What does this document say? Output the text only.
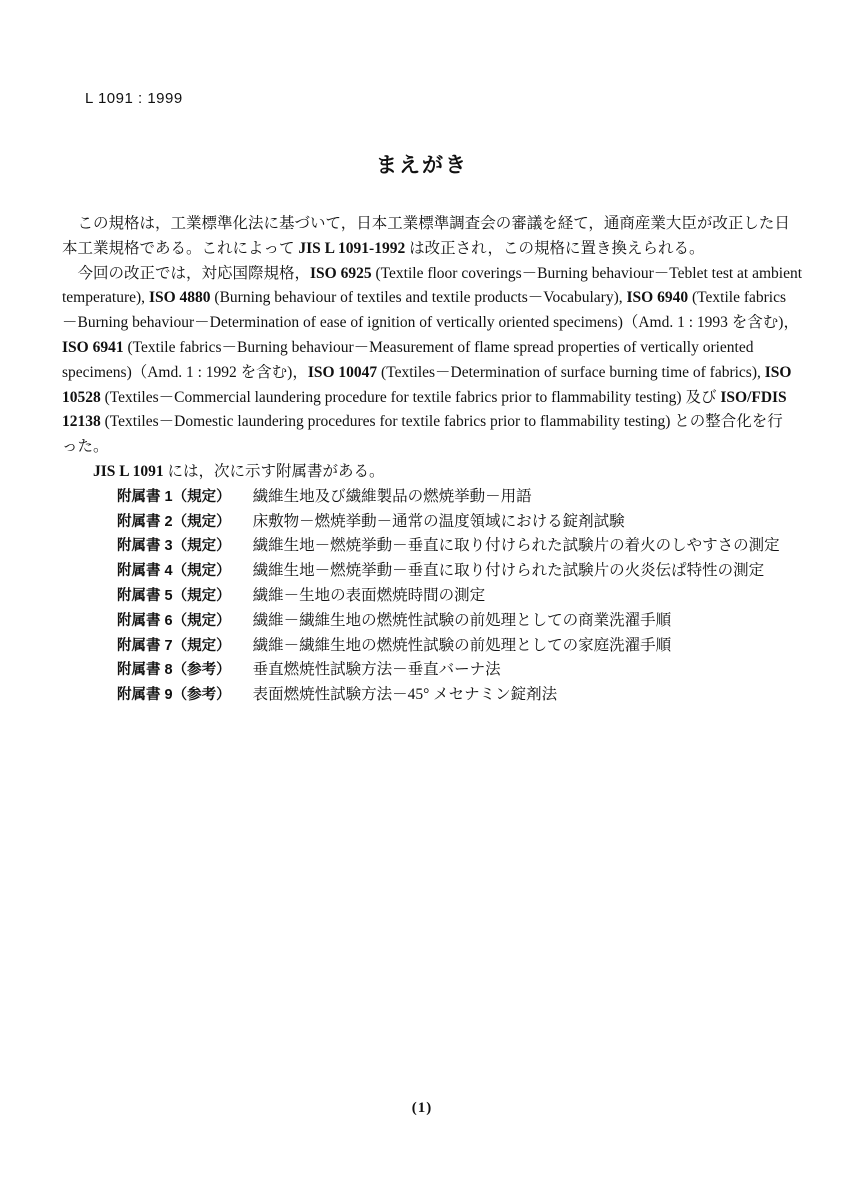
L 1091 : 1999
まえがき
　この規格は，工業標準化法に基づいて，日本工業標準調査会の審議を経て，通商産業大臣が改正した日
本工業規格である。これによって JIS L 1091-1992 は改正され，この規格に置き換えられる。
　今回の改正では，対応国際規格，ISO 6925 (Textile floor coverings－Burning behaviour－Teblet test at ambient
temperature), ISO 4880 (Burning behaviour of textiles and textile products－Vocabulary), ISO 6940 (Textile fabrics
－Burning behaviour－Determination of ease of ignition of vertically oriented specimens)（Amd. 1 : 1993 を含む)，
ISO 6941 (Textile fabrics－Burning behaviour－Measurement of flame spread properties of vertically oriented
specimens)（Amd. 1 : 1992 を含む)，ISO 10047 (Textiles－Determination of surface burning time of fabrics), ISO
10528 (Textiles－Commercial laundering procedure for textile fabrics prior to flammability testing) 及び ISO/FDIS
12138 (Textiles－Domestic laundering procedures for textile fabrics prior to flammability testing) との整合化を行
った。
　　JIS L 1091 には，次に示す附属書がある。
附属書 1（規定） 繊維生地及び繊維製品の燃焼挙動－用語
附属書 2（規定） 床敷物－燃焼挙動－通常の温度領域における錠剤試験
附属書 3（規定） 繊維生地－燃焼挙動－垂直に取り付けられた試験片の着火のしやすさの測定
附属書 4（規定） 繊維生地－燃焼挙動－垂直に取り付けられた試験片の火炎伝ぱ特性の測定
附属書 5（規定） 繊維－生地の表面燃焼時間の測定
附属書 6（規定） 繊維－繊維生地の燃焼性試験の前処理としての商業洗濯手順
附属書 7（規定） 繊維－繊維生地の燃焼性試験の前処理としての家庭洗濯手順
附属書 8（参考） 垂直燃焼性試験方法－垂直バーナ法
附属書 9（参考） 表面燃焼性試験方法－45° メセナミン錠剤法
(1)
